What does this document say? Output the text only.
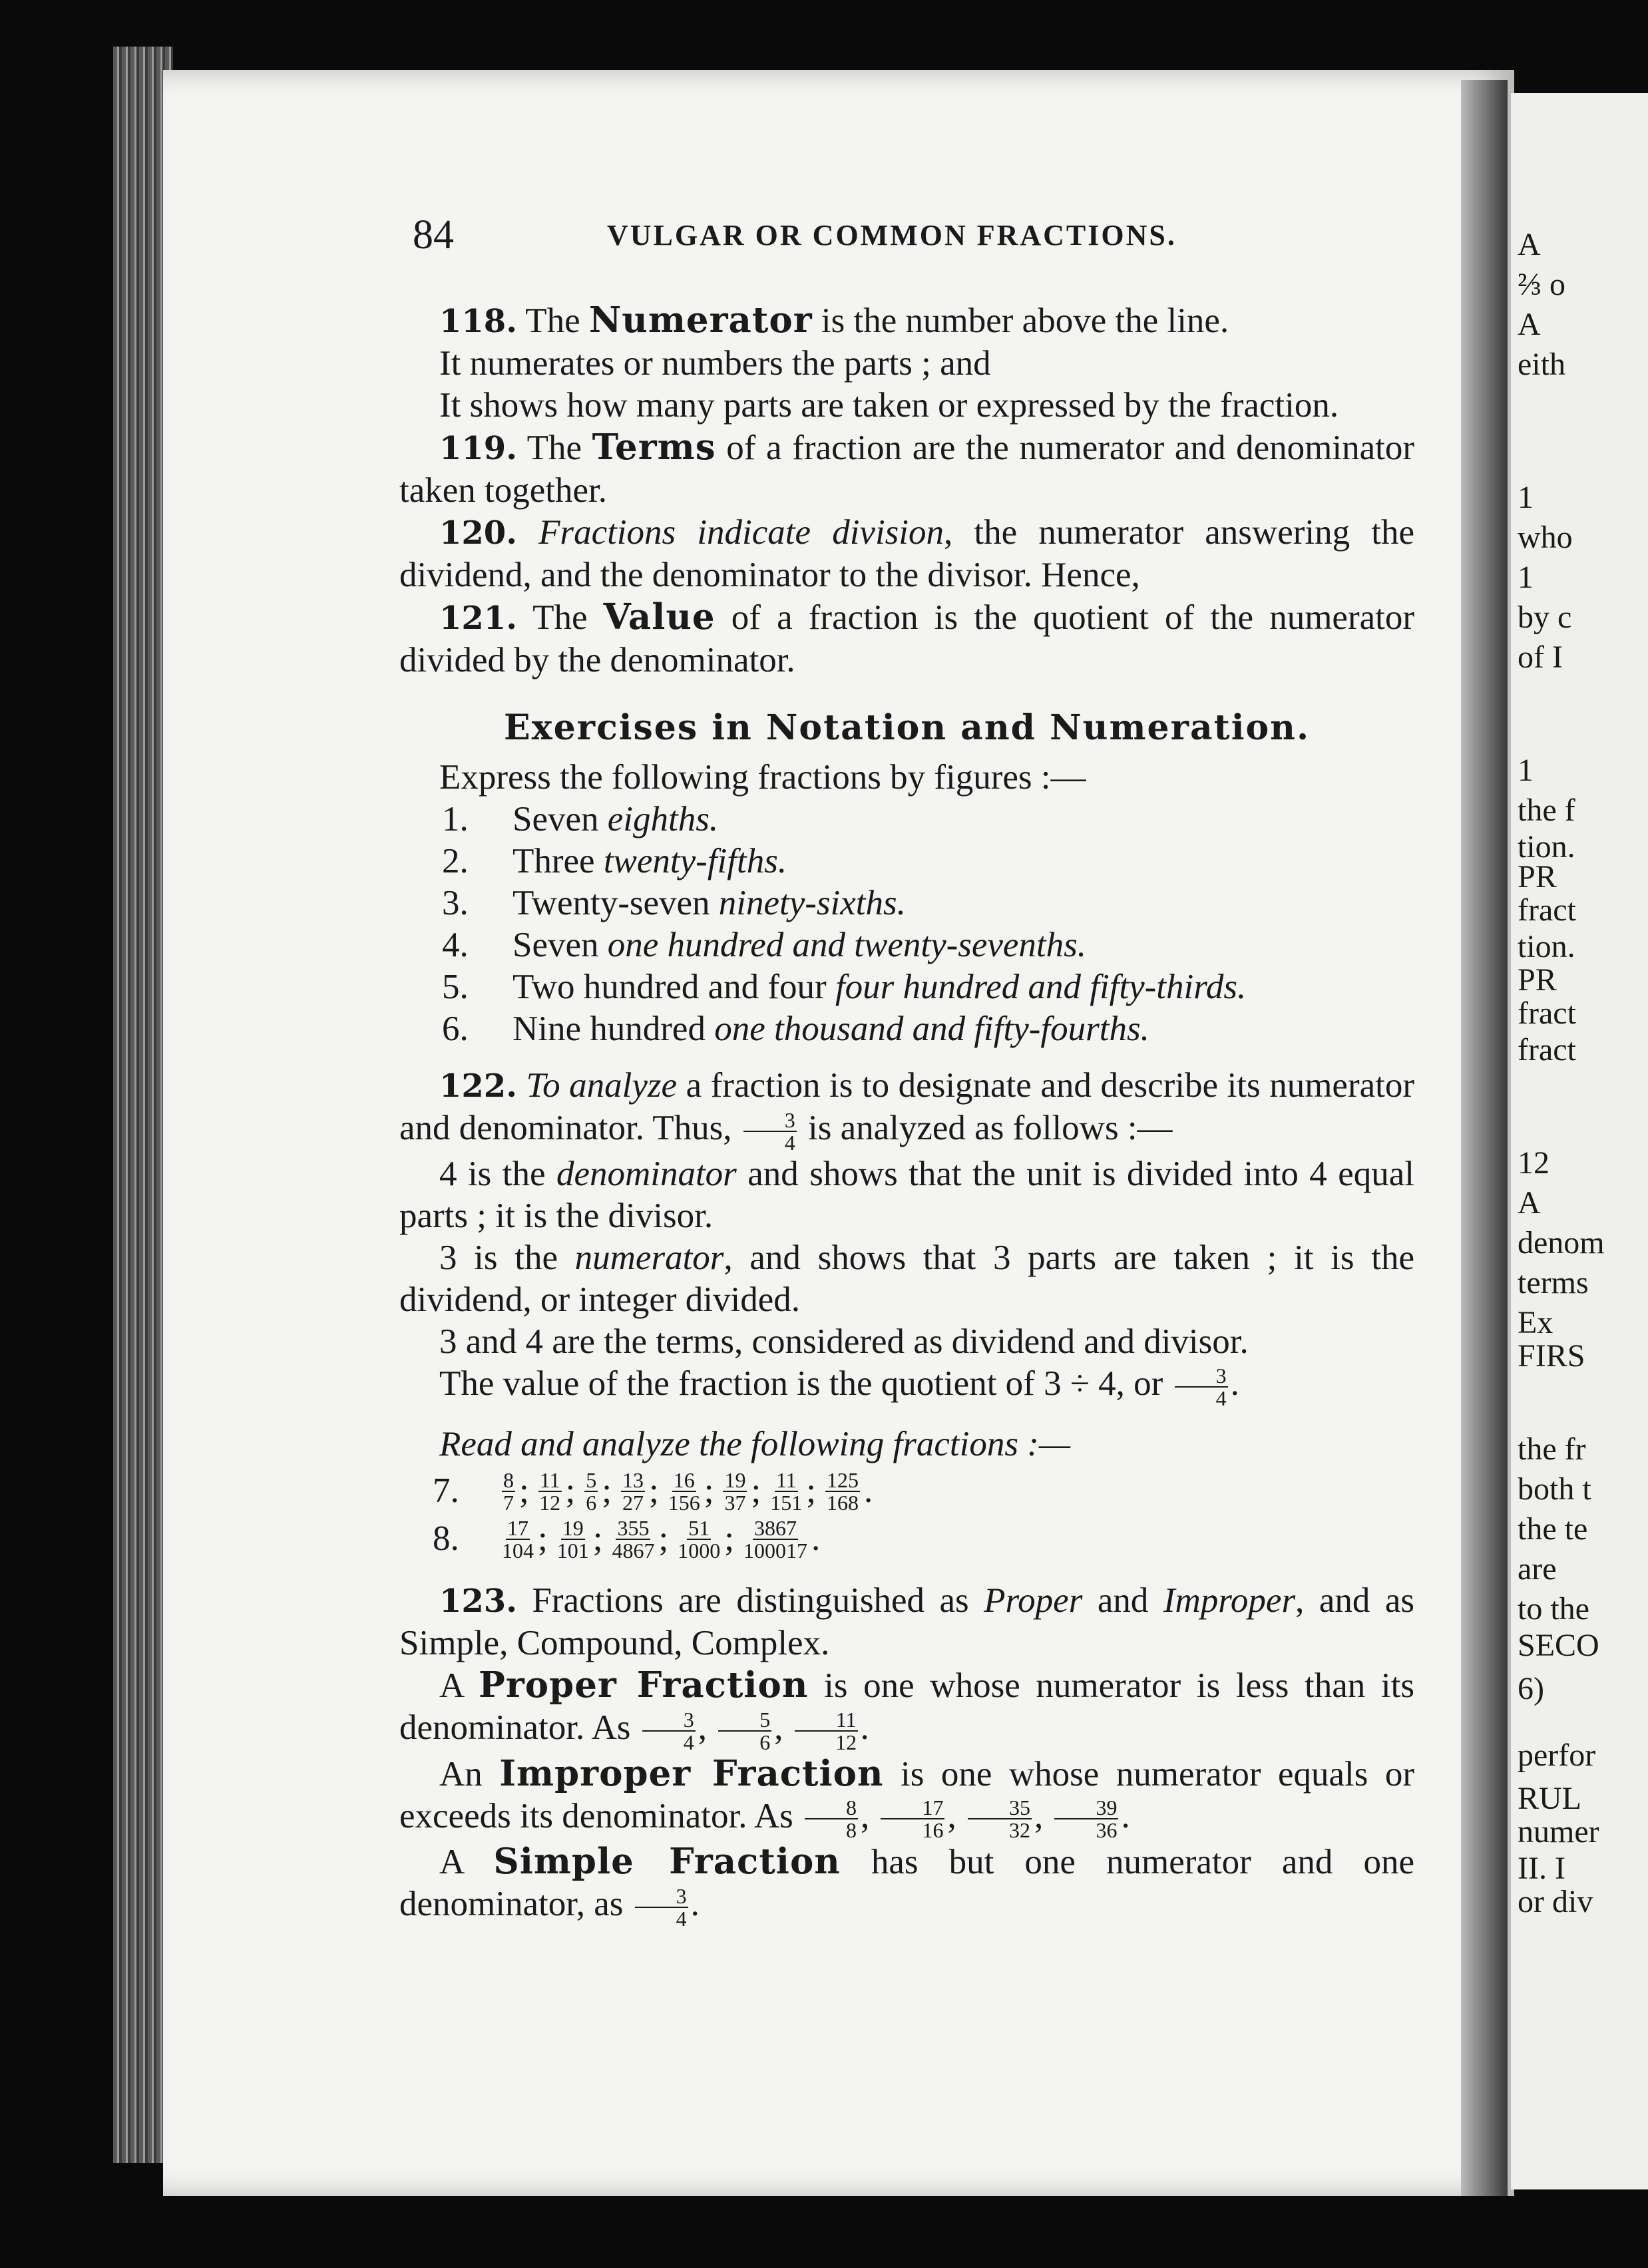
A
⅔ o
A
eith
1
who
1
by c
of I
1
the f
tion.
PR
fract
tion.
PR
fract
fract
12
A
denom
terms
Ex
FIRS
the fr
both t
the te
are
to the
SECO
6)
perfor
RUL
numer
II. I
or div
84	VULGAR OR COMMON FRACTIONS.

118. The Numerator is the number above the line.

It numerates or numbers the parts ; and

It shows how many parts are taken or expressed by the fraction.

119. The Terms of a fraction are the numerator and denominator taken together.

120. Fractions indicate division, the numerator answering the dividend, and the denominator to the divisor. Hence,

121. The Value of a fraction is the quotient of the numerator divided by the denominator.

Exercises in Notation and Numeration.

Express the following fractions by figures :—

1.	Seven eighths.
2.	Three twenty-fifths.
3.	Twenty-seven ninety-sixths.
4.	Seven one hundred and twenty-sevenths.
5.	Two hundred and four four hundred and fifty-thirds.
6.	Nine hundred one thousand and fifty-fourths.

122. To analyze a fraction is to designate and describe its numerator and denominator. Thus, $\frac{3}{4}$ is analyzed as follows :—

4 is the denominator and shows that the unit is divided into 4 equal parts ; it is the divisor.

3 is the numerator, and shows that 3 parts are taken ; it is the dividend, or integer divided.

3 and 4 are the terms, considered as dividend and divisor.

The value of the fraction is the quotient of 3 ÷ 4, or $\frac{3}{4}$ .

Read and analyze the following fractions :—

7.	$\frac{8}{7}$ ; $\frac{11}{12}$ ; $\frac{5}{6}$ ; $\frac{13}{27}$ ; $\frac{16}{156}$ ; $\frac{19}{37}$ ; $\frac{11}{151}$ ; $\frac{125}{168}$ .
8.	$\frac{17}{104}$ ; $\frac{19}{101}$ ; $\frac{355}{4867}$ ; $\frac{51}{1000}$ ; $\frac{3867}{100017}$ .

123. Fractions are distinguished as Proper and Improper, and as Simple, Compound, Complex.

A Proper Fraction is one whose numerator is less than its denominator. As $\frac{3}{4}$ , $\frac{5}{6}$ , $\frac{11}{12}$ .

An Improper Fraction is one whose numerator equals or exceeds its denominator. As $\frac{8}{8}$ , $\frac{17}{16}$ , $\frac{35}{32}$ , $\frac{39}{36}$ .

A Simple Fraction has but one numerator and one denominator, as $\frac{3}{4}$ .
